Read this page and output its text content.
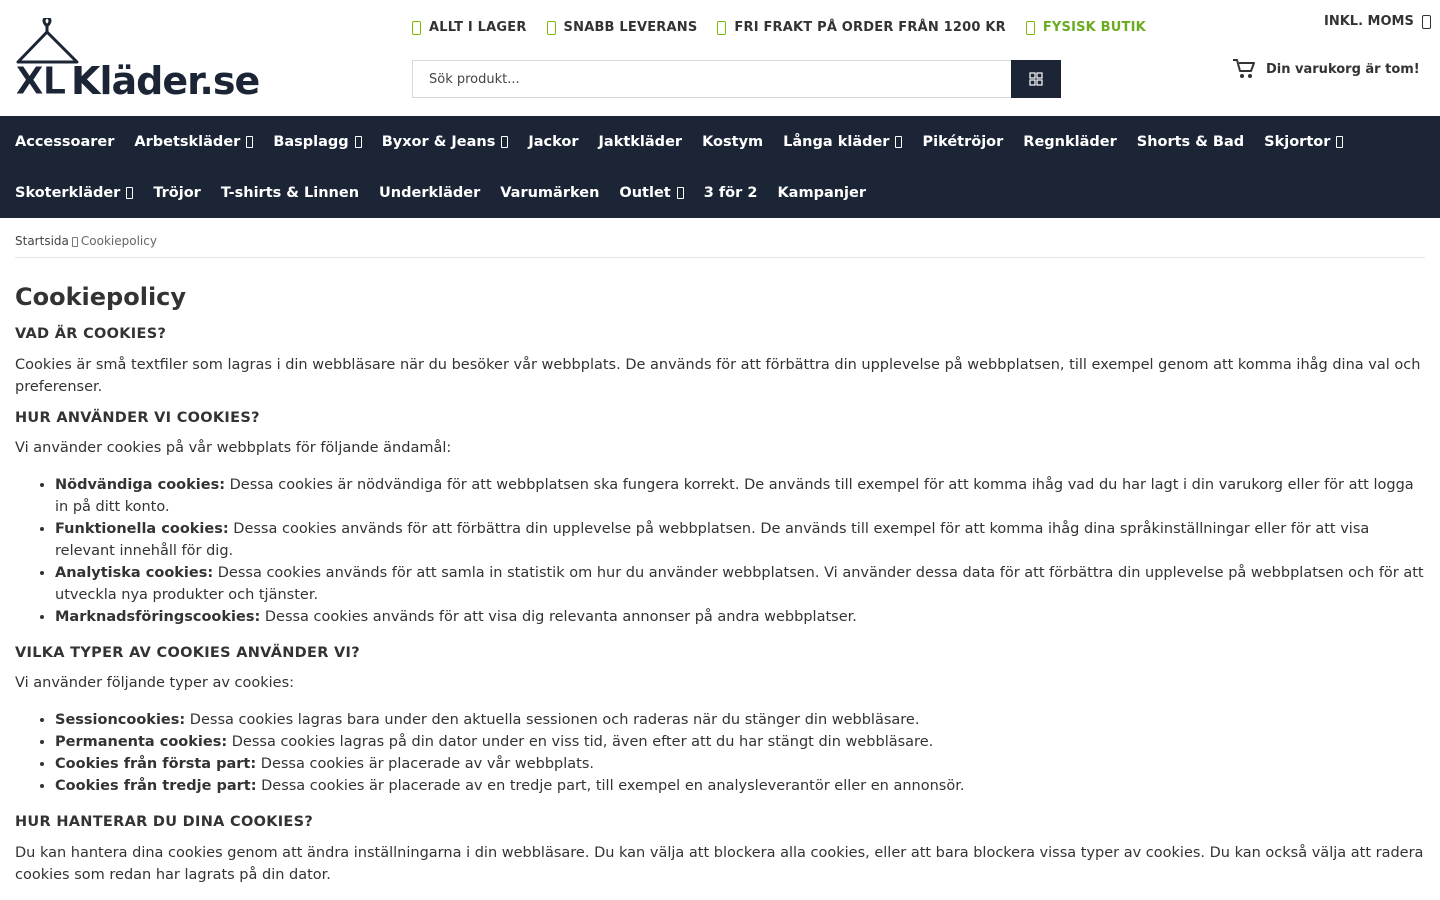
XL Kläder.se
ALLT I LAGER	SNABB LEVERANS	FRI FRAKT PÅ ORDER FRÅN 1200 KR	FYSISK BUTIK	INKL. MOMS
Sök produkt...
Din varukorg är tom!
Accessoarer Arbetskläder Basplagg Byxor & Jeans Jackor Jaktkläder Kostym Långa kläder Pikétröjor Regnkläder Shorts & Bad Skjortor
Skoterkläder Tröjor T-shirts & Linnen Underkläder Varumärken Outlet 3 för 2 Kampanjer
Startsida Cookiepolicy
Cookiepolicy
VAD ÄR COOKIES?

Cookies är små textfiler som lagras i din webbläsare när du besöker vår webbplats. De används för att förbättra din upplevelse på webbplatsen, till exempel genom att komma ihåg dina val och preferenser.

HUR ANVÄNDER VI COOKIES?

Vi använder cookies på vår webbplats för följande ändamål:

• Nödvändiga cookies: Dessa cookies är nödvändiga för att webbplatsen ska fungera korrekt. De används till exempel för att komma ihåg vad du har lagt i din varukorg eller för att logga in på ditt konto.
• Funktionella cookies: Dessa cookies används för att förbättra din upplevelse på webbplatsen. De används till exempel för att komma ihåg dina språkinställningar eller för att visa relevant innehåll för dig.
• Analytiska cookies: Dessa cookies används för att samla in statistik om hur du använder webbplatsen. Vi använder dessa data för att förbättra din upplevelse på webbplatsen och för att utveckla nya produkter och tjänster.
• Marknadsföringscookies: Dessa cookies används för att visa dig relevanta annonser på andra webbplatser.
VILKA TYPER AV COOKIES ANVÄNDER VI?

Vi använder följande typer av cookies:

• Sessioncookies: Dessa cookies lagras bara under den aktuella sessionen och raderas när du stänger din webbläsare.
• Permanenta cookies: Dessa cookies lagras på din dator under en viss tid, även efter att du har stängt din webbläsare.
• Cookies från första part: Dessa cookies är placerade av vår webbplats.
• Cookies från tredje part: Dessa cookies är placerade av en tredje part, till exempel en analysleverantör eller en annonsör.
HUR HANTERAR DU DINA COOKIES?

Du kan hantera dina cookies genom att ändra inställningarna i din webbläsare. Du kan välja att blockera alla cookies, eller att bara blockera vissa typer av cookies. Du kan också välja att radera cookies som redan har lagrats på din dator.
